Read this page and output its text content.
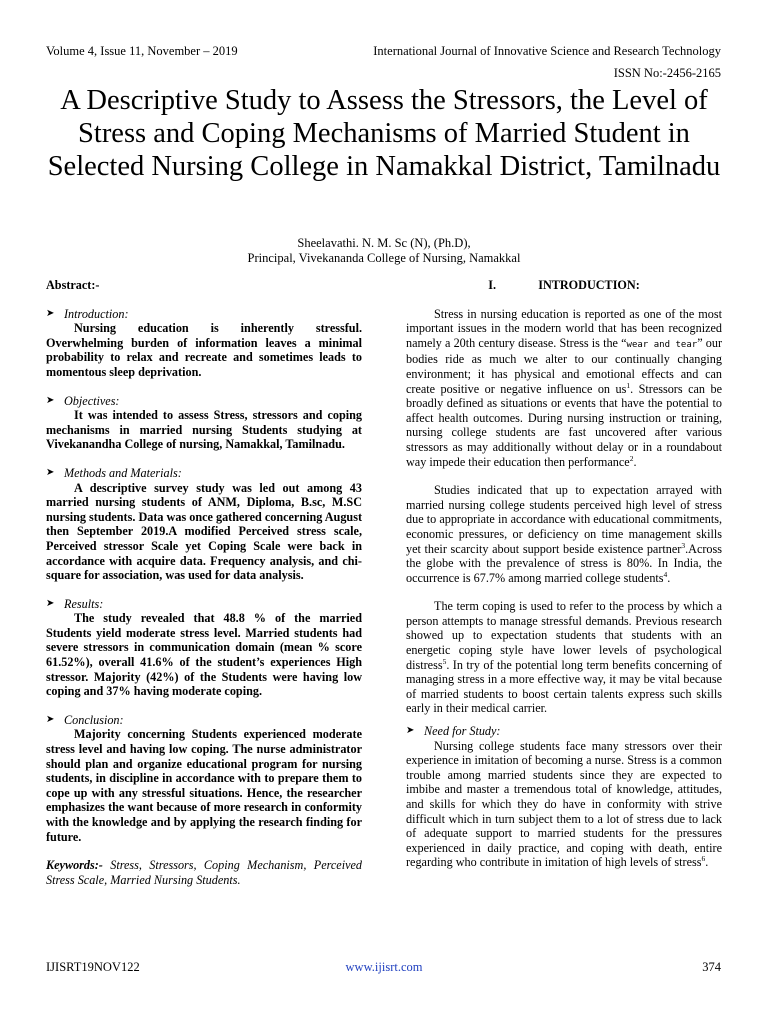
Volume 4, Issue 11, November – 2019	International Journal of Innovative Science and Research Technology
ISSN No:-2456-2165
A Descriptive Study to Assess the Stressors, the Level of Stress and Coping Mechanisms of Married Student in Selected Nursing College in Namakkal District, Tamilnadu
Sheelavathi. N. M. Sc (N), (Ph.D),
Principal, Vivekananda College of Nursing, Namakkal

Abstract:-

➤ Introduction:

Nursing education is inherently stressful. Overwhelming burden of information leaves a minimal probability to relax and recreate and sometimes leads to momentous sleep deprivation.

➤ Objectives:

It was intended to assess Stress, stressors and coping mechanisms in married nursing Students studying at Vivekanandha College of nursing, Namakkal, Tamilnadu.

➤ Methods and Materials:

A descriptive survey study was led out among 43 married nursing students of ANM, Diploma, B.sc, M.SC nursing students. Data was once gathered concerning August then September 2019.A modified Perceived stress scale, Perceived stressor Scale yet Coping Scale were back in accordance with acquire data. Frequency analysis, and chi-square for association, was used for data analysis.

➤ Results:

The study revealed that 48.8 % of the married Students yield moderate stress level. Married students had severe stressors in communication domain (mean % score 61.52%), overall 41.6% of the student’s experiences High stressor. Majority (42%) of the Students were having low coping and 37% having moderate coping.

➤ Conclusion:

Majority concerning Students experienced moderate stress level and having low coping. The nurse administrator should plan and organize educational program for nursing students, in discipline in accordance with to prepare them to cope up with any stressful situations. Hence, the researcher emphasizes the want because of more research in conformity with the knowledge and by applying the research finding for future.

Keywords:- Stress, Stressors, Coping Mechanism, Perceived Stress Scale, Married Nursing Students.

I.	INTRODUCTION:

Stress in nursing education is reported as one of the most important issues in the modern world that has been recognized namely a 20th century disease. Stress is the “wear and tear” our bodies ride as much we alter to our continually changing environment; it has physical and emotional effects and can create positive or negative influence on $us^1$. Stressors can be broadly defined as situations or events that have the potential to affect health outcomes. During nursing instruction or training, nursing college students are fast uncovered after various stressors as may additionally without delay or in a roundabout way impede their education then performance$^2$.

Studies indicated that up to expectation arrayed with married nursing college students perceived high level of stress due to appropriate in accordance with educational commitments, economic pressures, or deficiency on time management skills yet their scarcity about support beside existence partner$^3$.Across the globe with the prevalence of stress is 80%. In India, the occurrence is 67.7% among married college students$^4$.

The term coping is used to refer to the process by which a person attempts to manage stressful demands. Previous research showed up to expectation students that students with an energetic coping style have lower levels of psychological distress$^5$. In try of the potential long term benefits concerning of managing stress in a more effective way, it may be vital because of married students to boost certain talents express such skills early in their medical carrier.

➤ Need for Study:

Nursing college students face many stressors over their experience in imitation of becoming a nurse. Stress is a common trouble among married students since they are expected to imbibe and master a tremendous total of knowledge, attitudes, and skills for which they do have in conformity with strive difficult which in turn subject them to a lot of stress due to lack of adequate support to married students for the pressures experienced in daily practice, and coping with death, entire regarding who contribute in imitation of high levels of stress$^6$.

IJISRT19NOV122	www.ijisrt.com	374
